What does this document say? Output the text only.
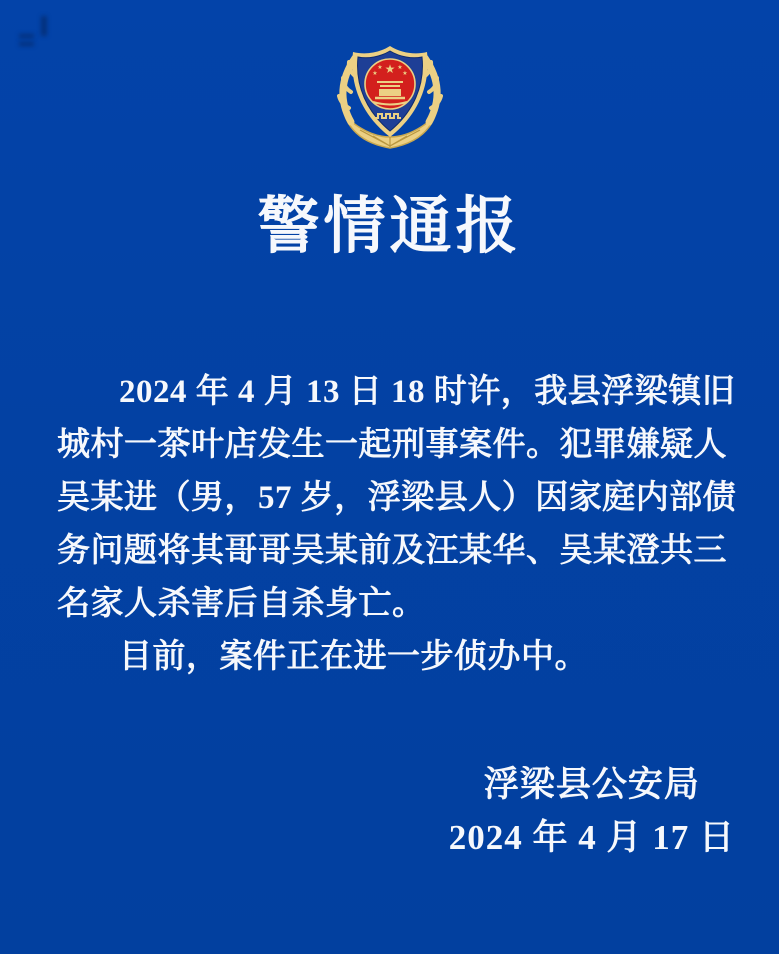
★
★
★ ★
★
警情通报
2024 年 4 月 13 日 18 时许，我县浮梁镇旧
城村一茶叶店发生一起刑事案件。犯罪嫌疑人
吴某进（男，57 岁，浮梁县人）因家庭内部债
务问题将其哥哥吴某前及汪某华、吴某澄共三
名家人杀害后自杀身亡。
目前，案件正在进一步侦办中。
浮梁县公安局
2024 年 4 月 17 日
